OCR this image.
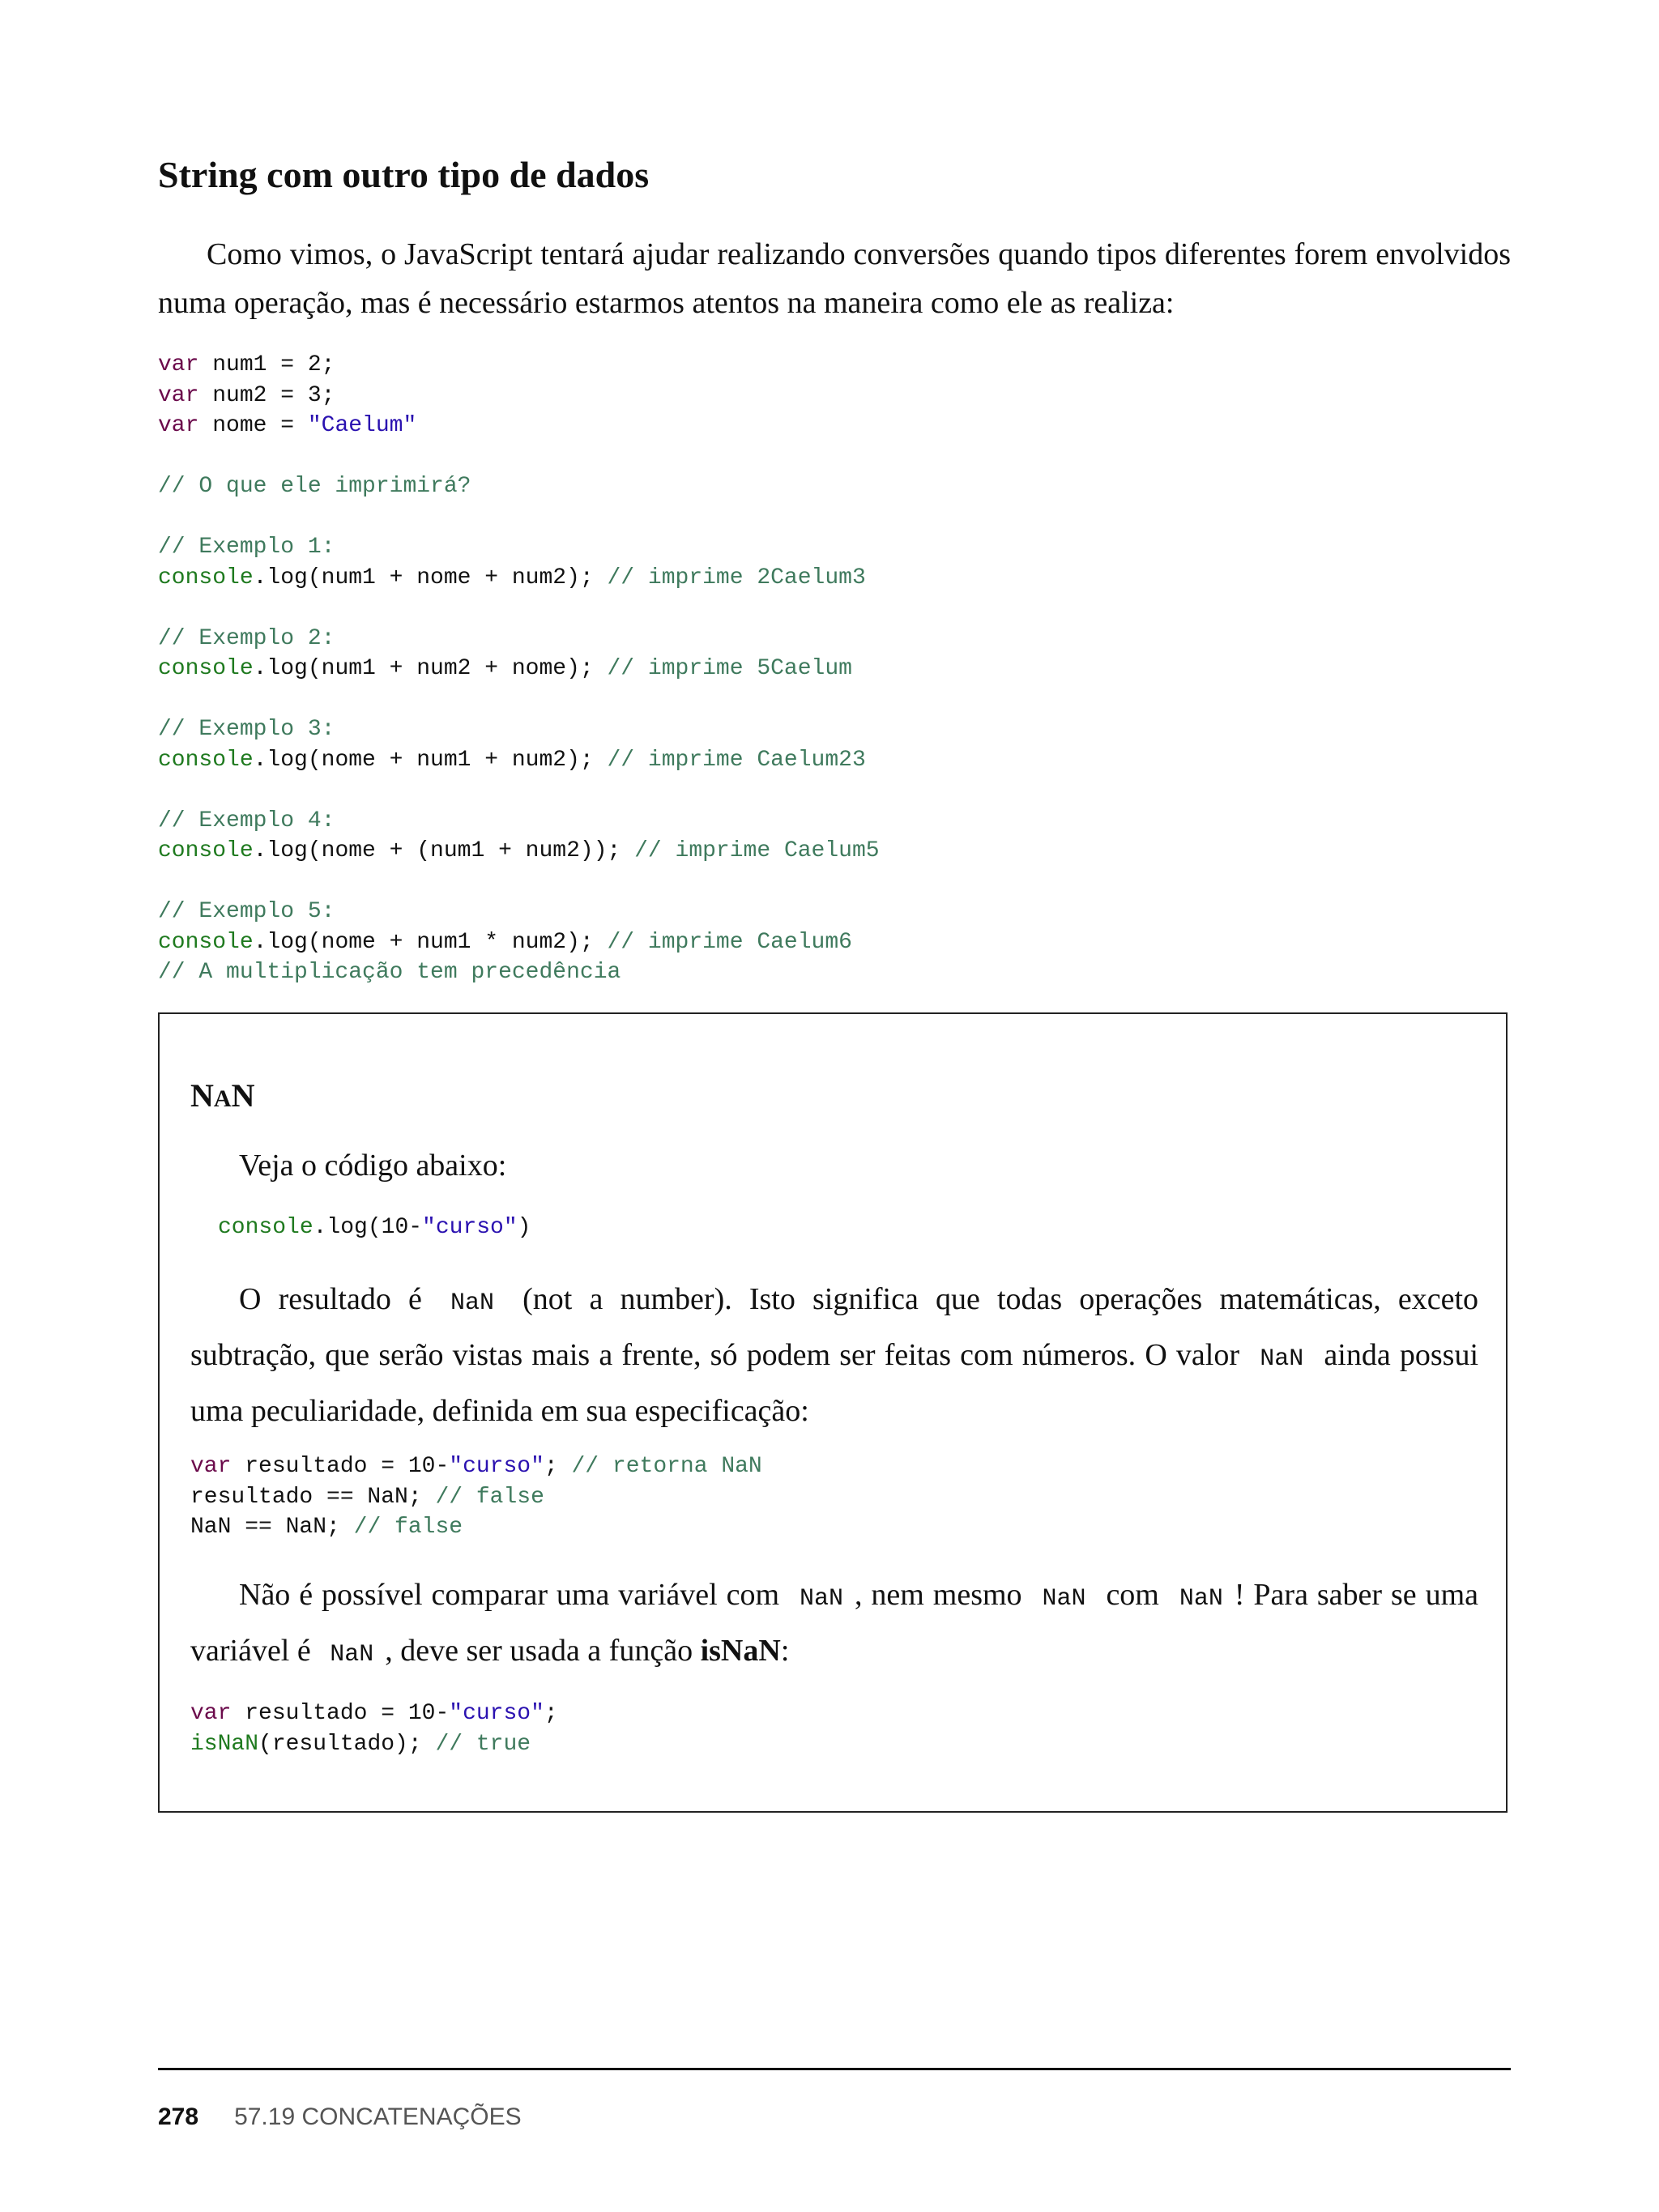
String com outro tipo de dados

Como vimos, o JavaScript tentará ajudar realizando conversões quando tipos diferentes forem envolvidos numa operação, mas é necessário estarmos atentos na maneira como ele as realiza:

var num1 = 2;
var num2 = 3;
var nome = "Caelum"

// O que ele imprimirá?

// Exemplo 1:
console.log(num1 + nome + num2); // imprime 2Caelum3

// Exemplo 2:
console.log(num1 + num2 + nome); // imprime 5Caelum

// Exemplo 3:
console.log(nome + num1 + num2); // imprime Caelum23

// Exemplo 4:
console.log(nome + (num1 + num2)); // imprime Caelum5

// Exemplo 5:
console.log(nome + num1 * num2); // imprime Caelum6
// A multiplicação tem precedência
NAN

Veja o código abaixo:

console.log(10-"curso")

O resultado é NaN (not a number). Isto significa que todas operações matemáticas, exceto subtração, que serão vistas mais a frente, só podem ser feitas com números. O valor NaN ainda possui uma peculiaridade, definida em sua especificação:

var resultado = 10-"curso"; // retorna NaN
resultado == NaN; // false
NaN == NaN; // false

Não é possível comparar uma variável com NaN , nem mesmo NaN com NaN ! Para saber se uma variável é NaN , deve ser usada a função isNaN:

var resultado = 10-"curso";
isNaN(resultado); // true
278 57.19 CONCATENAÇÕES
